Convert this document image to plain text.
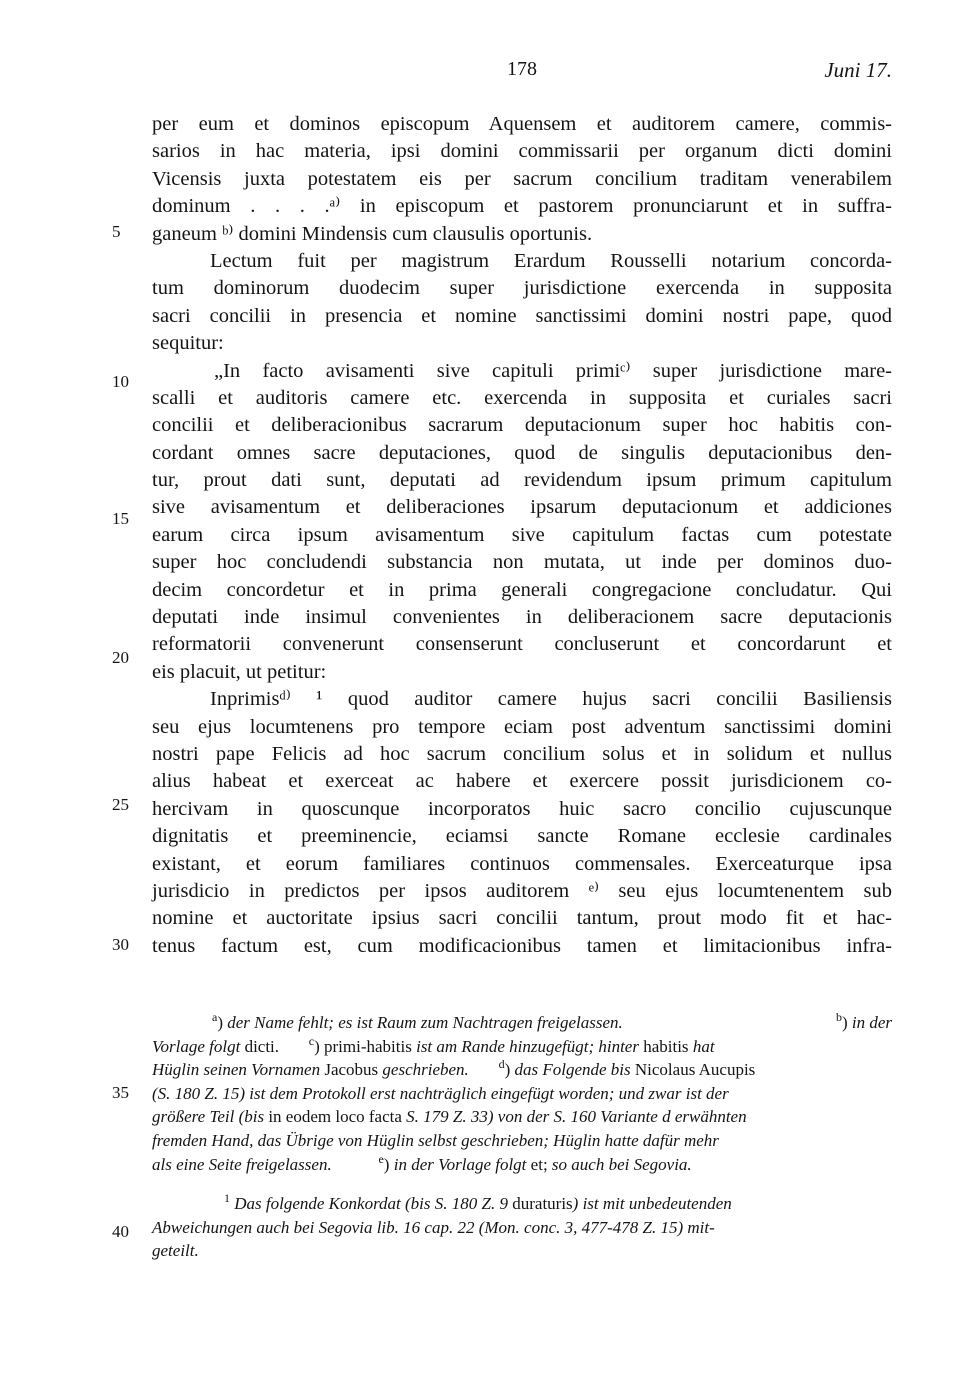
178	Juni 17.
per eum et dominos episcopum Aquensem et auditorem camere, commis-
sarios in hac materia, ipsi domini commissarii per organum dicti domini
Vicensis juxta potestatem eis per sacrum concilium traditam venerabilem
dominum . . . .ᵃ⁾ in episcopum et pastorem pronunciarunt et in suffra-
ganeum ᵇ⁾ domini Mindensis cum clausulis oportunis.
Lectum fuit per magistrum Erardum Rousselli notarium concorda-
tum dominorum duodecim super jurisdictione exercenda in supposita
sacri concilii in presencia et nomine sanctissimi domini nostri pape, quod
sequitur:
„In facto avisamenti sive capituli primiᶜ⁾ super jurisdictione mare-
scalli et auditoris camere etc. exercenda in supposita et curiales sacri
concilii et deliberacionibus sacrarum deputacionum super hoc habitis con-
cordant omnes sacre deputaciones, quod de singulis deputacionibus den-
tur, prout dati sunt, deputati ad revidendum ipsum primum capitulum
sive avisamentum et deliberaciones ipsarum deputacionum et addiciones
earum circa ipsum avisamentum sive capitulum factas cum potestate
super hoc concludendi substancia non mutata, ut inde per dominos duo-
decim concordetur et in prima generali congregacione concludatur. Qui
deputati inde insimul convenientes in deliberacionem sacre deputacionis
reformatorii convenerunt consenserunt concluserunt et concordarunt et
eis placuit, ut petitur:
Inprimisᵈ⁾ ¹ quod auditor camere hujus sacri concilii Basiliensis
seu ejus locumtenens pro tempore eciam post adventum sanctissimi domini
nostri pape Felicis ad hoc sacrum concilium solus et in solidum et nullus
alius habeat et exerceat ac habere et exercere possit jurisdicionem co-
hercivam in quoscunque incorporatos huic sacro concilio cujuscunque
dignitatis et preeminencie, eciamsi sancte Romane ecclesie cardinales
existant, et eorum familiares continuos commensales. Exerceaturque ipsa
jurisdicio in predictos per ipsos auditorem ᵉ⁾ seu ejus locumtenentem sub
nomine et auctoritate ipsius sacri concilii tantum, prout modo fit et hac-
tenus factum est, cum modificacionibus tamen et limitacionibus infra-
5
10
15
20
25
30
35
40
$^a$) der Name fehlt; es ist Raum zum Nachtragen freigelassen.	$^b$) in der
Vorlage folgt dicti.       $^c$) primi-habitis ist am Rande hinzugefügt; hinter habitis hat
Hüglin seinen Vornamen Jacobus geschrieben. $^d$) das Folgende bis Nicolaus Aucupis
(S. 180 Z. 15) ist dem Protokoll erst nachträglich eingefügt worden; und zwar ist der
größere Teil (bis in eodem loco facta S. 179 Z. 33) von der S. 160 Variante d erwähnten
fremden Hand, das Übrige von Hüglin selbst geschrieben; Hüglin hatte dafür mehr
als eine Seite freigelassen.	$^e$) in der Vorlage folgt et; so auch bei Segovia.
$^1$ Das folgende Konkordat (bis S. 180 Z. 9 duraturis) ist mit unbedeutenden
Abweichungen auch bei Segovia lib. 16 cap. 22 (Mon. conc. 3, 477-478 Z. 15) mit-
geteilt.
